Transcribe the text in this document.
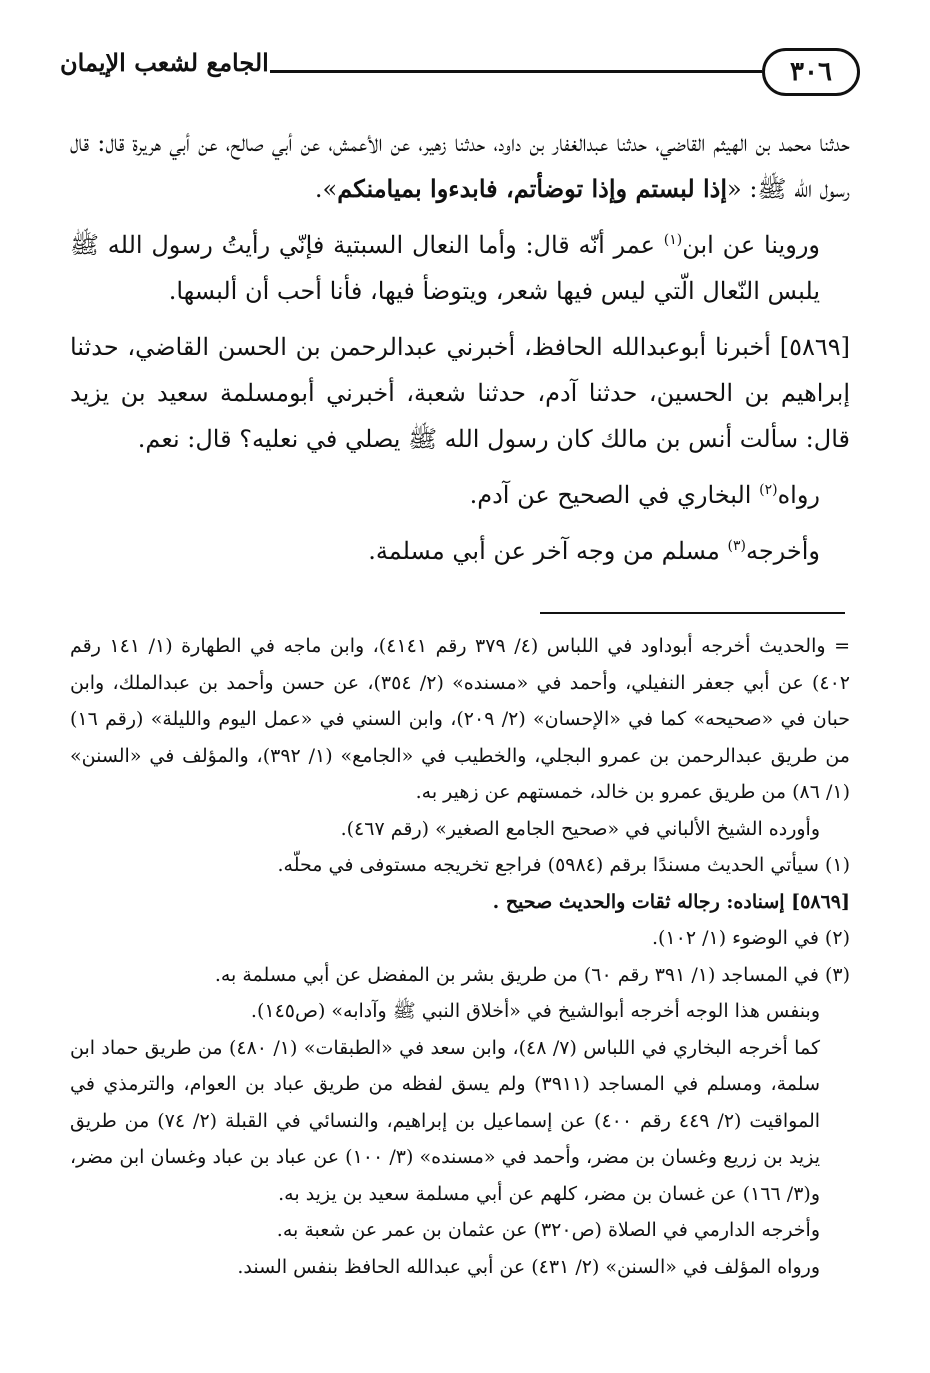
٣٠٦
الجامع لشعب الإيمان

حدثنا محمد بن الهيثم القاضي، حدثنا عبدالغفار بن داود، حدثنا زهير، عن الأعمش، عن أبي صالح، عن أبي هريرة قال: قال رسول الله ﷺ: «إذا لبستم وإذا توضأتم، فابدءوا بميامنكم».

وروينا عن ابن$^{(١)}$ عمر أنّه قال: وأما النعال السبتية فإنّي رأيتُ رسول الله ﷺ يلبس النّعال الّتي ليس فيها شعر، ويتوضأ فيها، فأنا أحب أن ألبسها.

[٥٨٦٩] أخبرنا أبوعبدالله الحافظ، أخبرني عبدالرحمن بن الحسن القاضي، حدثنا إبراهيم بن الحسين، حدثنا آدم، حدثنا شعبة، أخبرني أبومسلمة سعيد بن يزيد قال: سألت أنس بن مالك كان رسول الله ﷺ يصلي في نعليه؟ قال: نعم.

رواه$^{(٢)}$ البخاري في الصحيح عن آدم.

وأخرجه$^{(٣)}$ مسلم من وجه آخر عن أبي مسلمة.

= والحديث أخرجه أبوداود في اللباس (٤/ ٣٧٩ رقم ٤١٤١)، وابن ماجه في الطهارة (١/ ١٤١ رقم ٤٠٢) عن أبي جعفر النفيلي، وأحمد في «مسنده» (٢/ ٣٥٤)، عن حسن وأحمد بن عبدالملك، وابن حبان في «صحيحه» كما في «الإحسان» (٢/ ٢٠٩)، وابن السني في «عمل اليوم والليلة» (رقم ١٦) من طريق عبدالرحمن بن عمرو البجلي، والخطيب في «الجامع» (١/ ٣٩٢)، والمؤلف في «السنن» (١/ ٨٦) من طريق عمرو بن خالد، خمستهم عن زهير به.

وأورده الشيخ الألباني في «صحيح الجامع الصغير» (رقم ٤٦٧).

(١) سيأتي الحديث مسندًا برقم (٥٩٨٤) فراجع تخريجه مستوفى في محلّه.

[٥٨٦٩] إسناده: رجاله ثقات والحديث صحيح .

(٢) في الوضوء (١/ ١٠٢).

(٣) في المساجد (١/ ٣٩١ رقم ٦٠) من طريق بشر بن المفضل عن أبي مسلمة به.

وبنفس هذا الوجه أخرجه أبوالشيخ في «أخلاق النبي ﷺ وآدابه» (ص١٤٥).

كما أخرجه البخاري في اللباس (٧/ ٤٨)، وابن سعد في «الطبقات» (١/ ٤٨٠) من طريق حماد ابن سلمة، ومسلم في المساجد (٣٩١١) ولم يسق لفظه من طريق عباد بن العوام، والترمذي في المواقيت (٢/ ٤٤٩ رقم ٤٠٠) عن إسماعيل بن إبراهيم، والنسائي في القبلة (٢/ ٧٤) من طريق يزيد بن زريع وغسان بن مضر، وأحمد في «مسنده» (٣/ ١٠٠) عن عباد بن عباد وغسان ابن مضر، و(٣/ ١٦٦) عن غسان بن مضر، كلهم عن أبي مسلمة سعيد بن يزيد به.

وأخرجه الدارمي في الصلاة (ص٣٢٠) عن عثمان بن عمر عن شعبة به.

ورواه المؤلف في «السنن» (٢/ ٤٣١) عن أبي عبدالله الحافظ بنفس السند.
